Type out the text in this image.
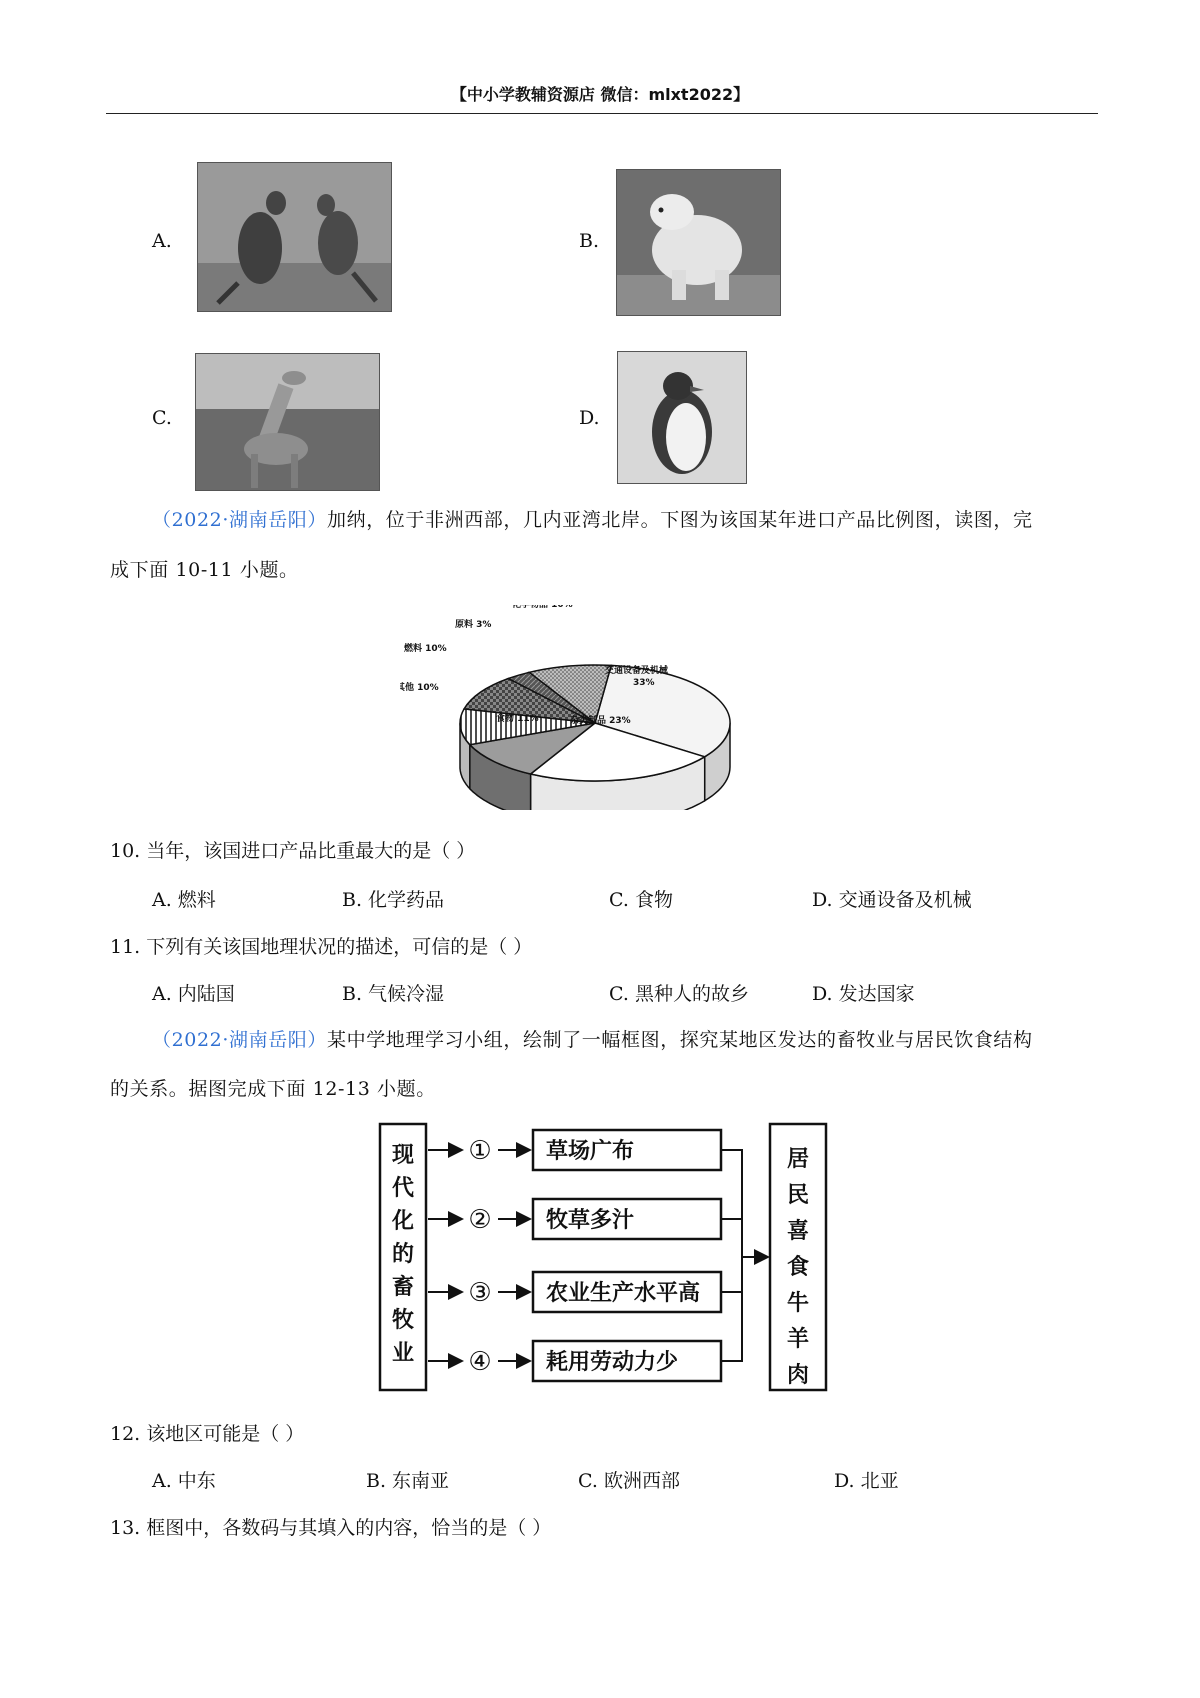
【中小学教辅资源店 微信：mlxt2022】
A.	B.
C.	D.
（2022·湖南岳阳）加纳，位于非洲西部，几内亚湾北岸。下图为该国某年进口产品比例图，读图，完
成下面 10-11 小题。
交通设备及机械 33%
杂类制品 23%
食物 11%
其他 10%
燃料 10%
原料 3%
化学物品 10%
10. 当年，该国进口产品比重最大的是（ ）
A. 燃料	B. 化学药品	C. 食物	D. 交通设备及机械
11. 下列有关该国地理状况的描述，可信的是（ ）
A. 内陆国	B. 气候冷湿	C. 黑种人的故乡	D. 发达国家
（2022·湖南岳阳）某中学地理学习小组，绘制了一幅框图，探究某地区发达的畜牧业与居民饮食结构
的关系。据图完成下面 12-13 小题。
现
代
化
的
畜
牧
业
居
民
喜
食
牛
羊
肉
① 草场广布
② 牧草多汁
③ 农业生产水平高
④ 耗用劳动力少
12. 该地区可能是（ ）
A. 中东	B. 东南亚	C. 欧洲西部	D. 北亚
13. 框图中，各数码与其填入的内容，恰当的是（ ）
